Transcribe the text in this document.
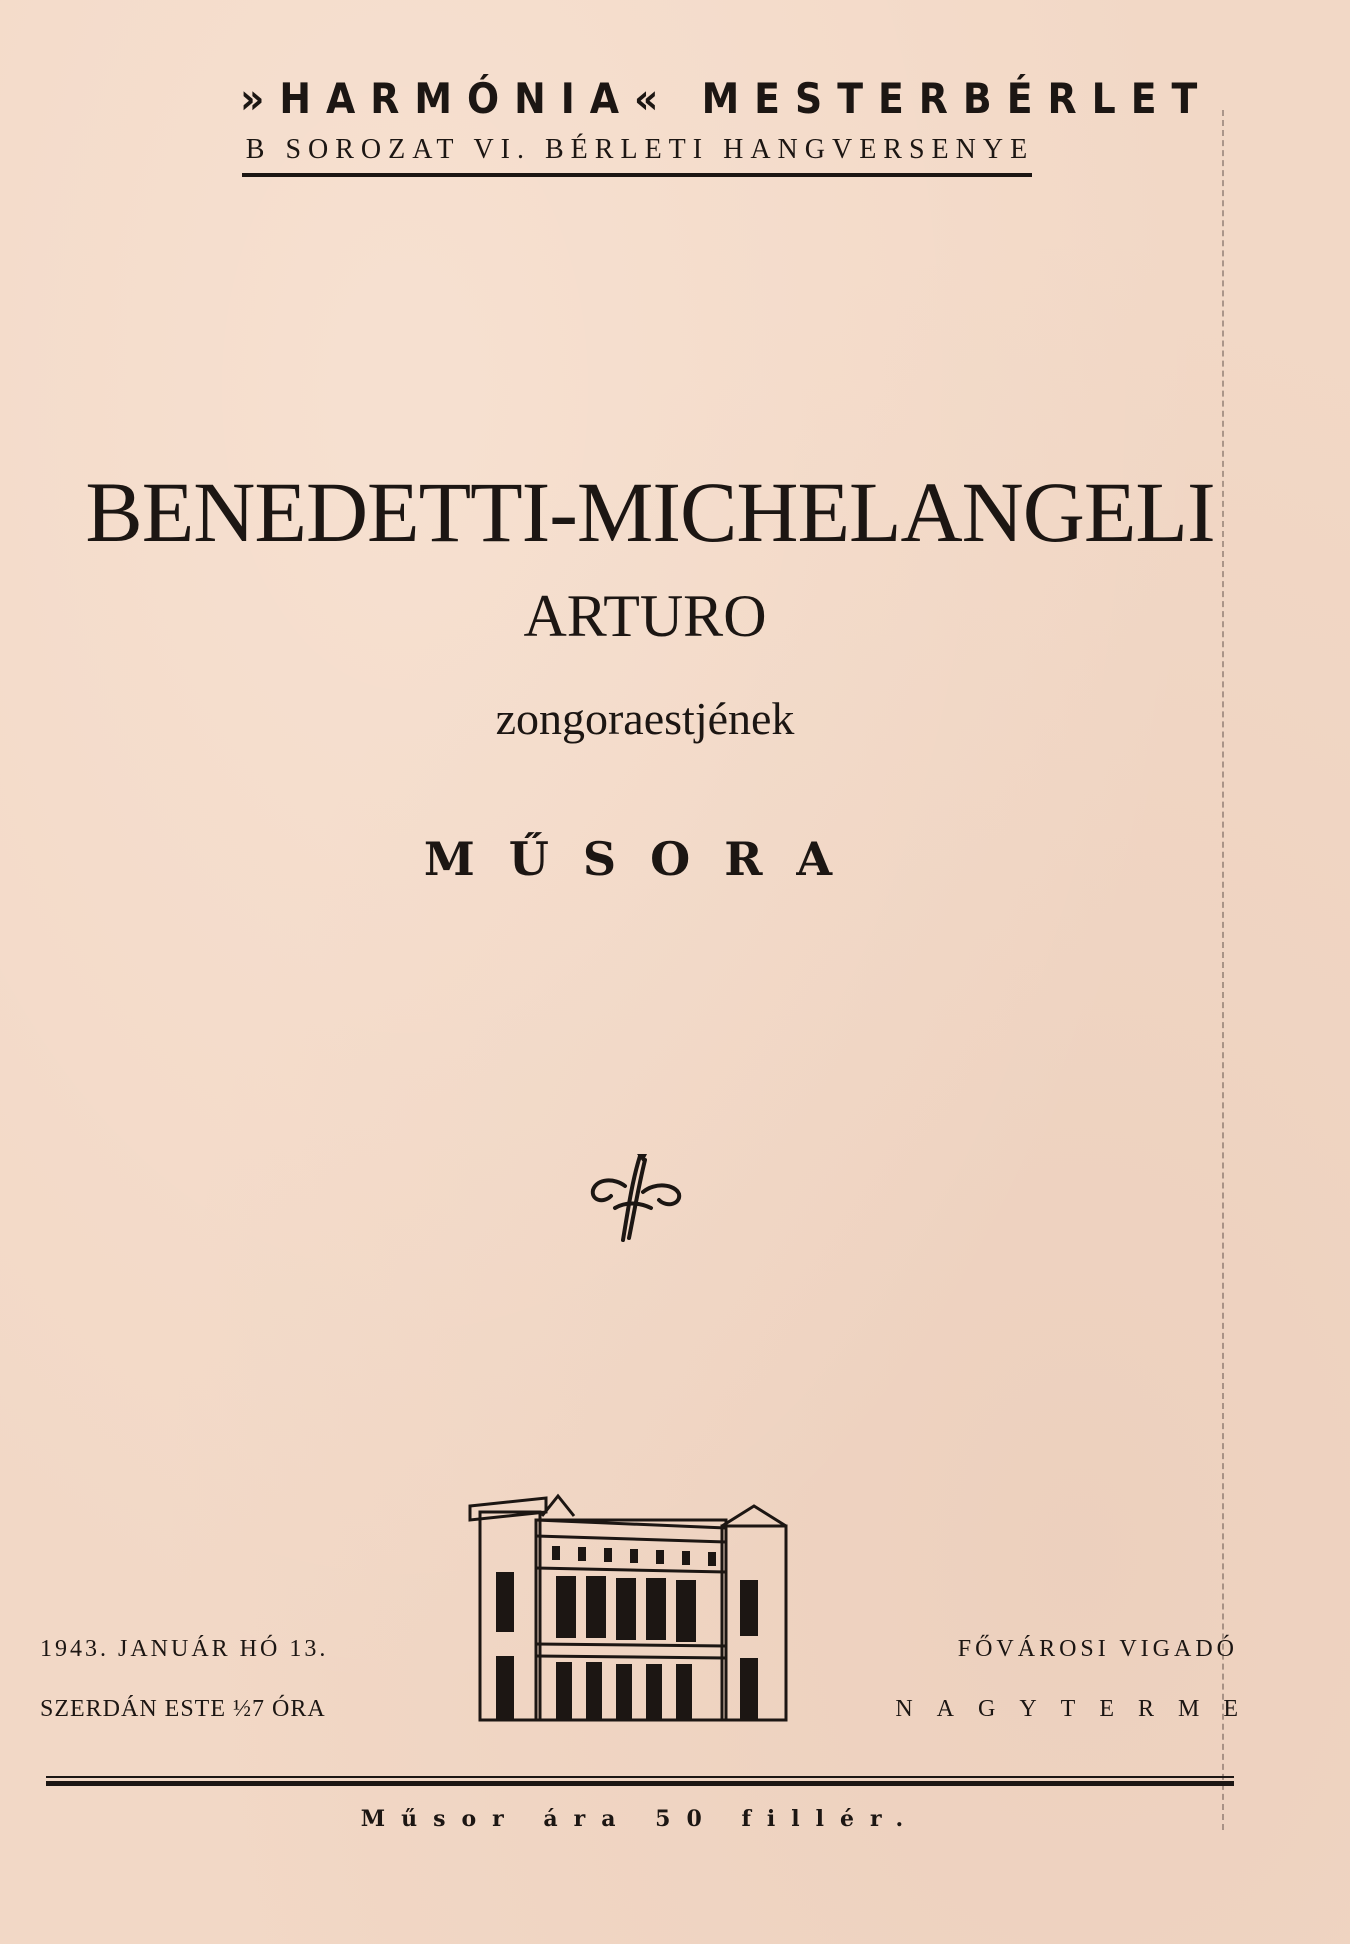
»HARMÓNIA« MESTERBÉRLET
B SOROZAT VI. BÉRLETI HANGVERSENYE
BENEDETTI-MICHELANGELI
ARTURO
zongoraestjének
MŰSORA
1943. JANUÁR HÓ 13.
SZERDÁN ESTE ½7 ÓRA
FŐVÁROSI VIGADÓ
NAGYTERME
Műsor ára 50 fillér.
